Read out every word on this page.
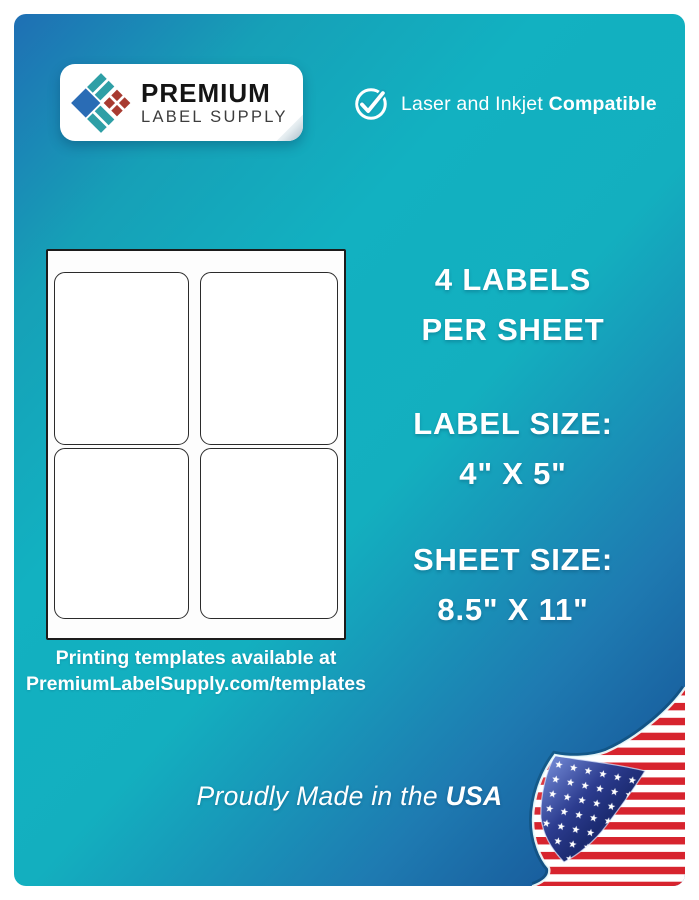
PREMIUM
LABEL SUPPLY
Laser and Inkjet Compatible
Printing templates available at
PremiumLabelSupply.com/templates
4 LABELS
PER SHEET
LABEL SIZE:
4" X 5"
SHEET SIZE:
8.5" X 11"
Proudly Made in the USA
